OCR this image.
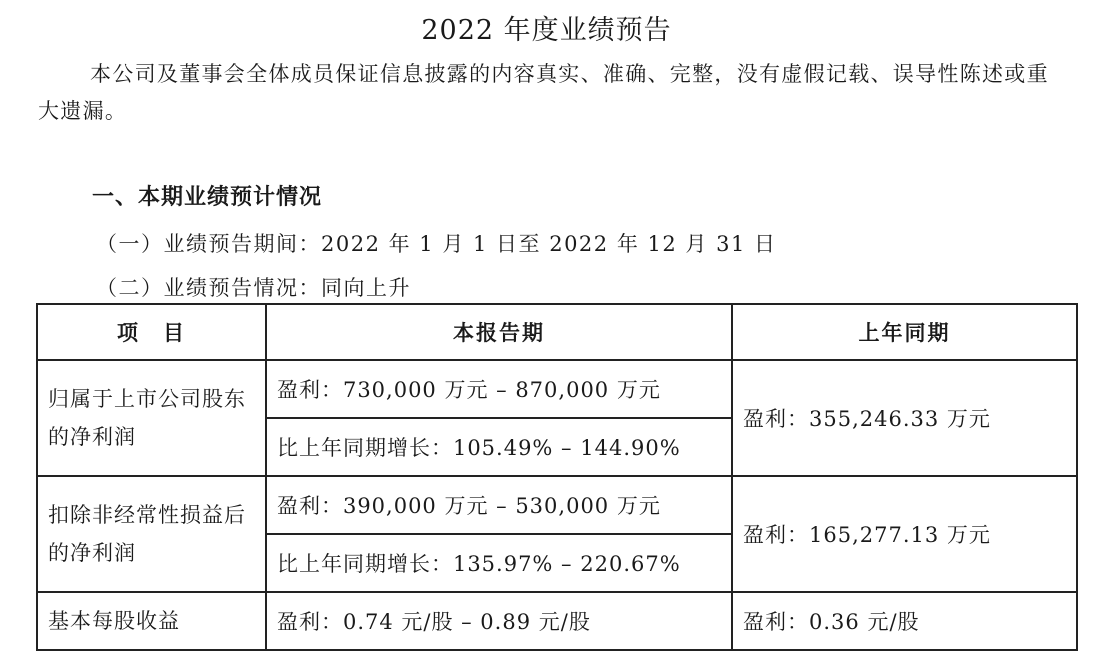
2022 年度业绩预告
本公司及董事会全体成员保证信息披露的内容真实、准确、完整，没有虚假记载、误导性陈述或重大遗漏。
一、本期业绩预计情况
（一）业绩预告期间：2022 年 1 月 1 日至 2022 年 12 月 31 日
（二）业绩预告情况：同向上升
项　目	本报告期	上年同期
归属于上市公司股东的净利润	盈利：730,000 万元 – 870,000 万元	盈利：355,246.33 万元
	比上年同期增长：105.49% – 144.90%	
扣除非经常性损益后的净利润	盈利：390,000 万元 – 530,000 万元	盈利：165,277.13 万元
	比上年同期增长：135.97% – 220.67%	
基本每股收益	盈利：0.74 元/股 – 0.89 元/股	盈利：0.36 元/股
